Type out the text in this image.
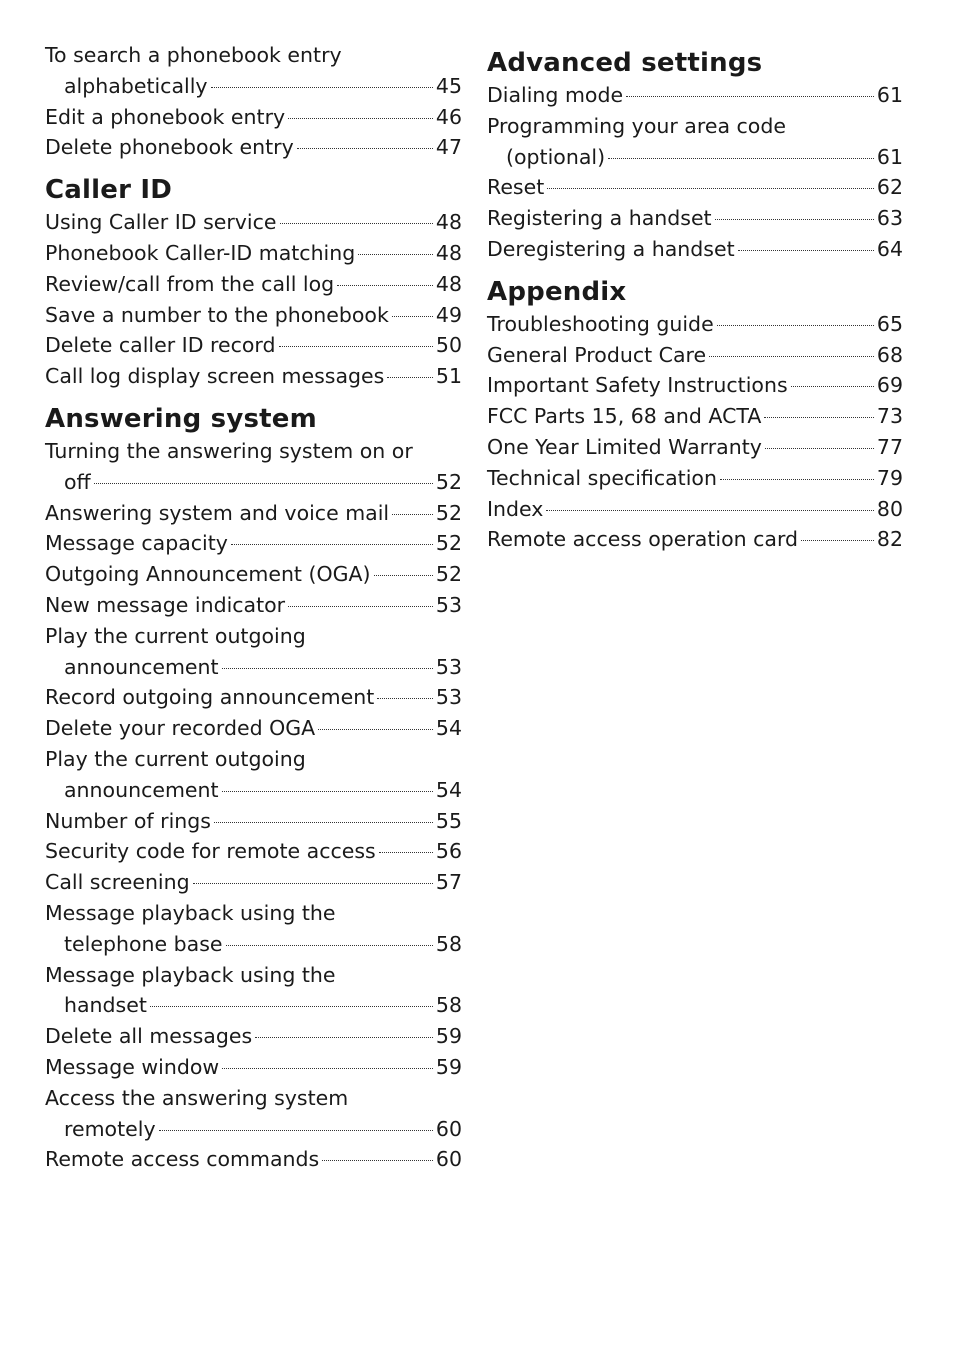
To search a phonebook entry
alphabetically	45
Edit a phonebook entry	46
Delete phonebook entry	47
Caller ID
Using Caller ID service	48
Phonebook Caller-ID matching	48
Review/call from the call log	48
Save a number to the phonebook 49
Delete caller ID record	50
Call log display screen messages	51
Answering system
Turning the answering system on or
off	52
Answering system and voice mail 52
Message capacity	52
Outgoing Announcement (OGA)	52
New message indicator	53
Play the current outgoing
announcement	53
Record outgoing announcement	53
Delete your recorded OGA	54
Play the current outgoing
announcement	54
Number of rings	55
Security code for remote access	56
Call screening	57
Message playback using the
telephone base	58
Message playback using the
handset	58
Delete all messages	59
Message window	59
Access the answering system
remotely	60
Remote access commands	60
Advanced settings
Dialing mode	61
Programming your area code
(optional)	61
Reset	62
Registering a handset	63
Deregistering a handset	64
Appendix
Troubleshooting guide	65
General Product Care	68
Important Safety Instructions	69
FCC Parts 15, 68 and ACTA	73
One Year Limited Warranty	77
Technical specification	79
Index	80
Remote access operation card	82
